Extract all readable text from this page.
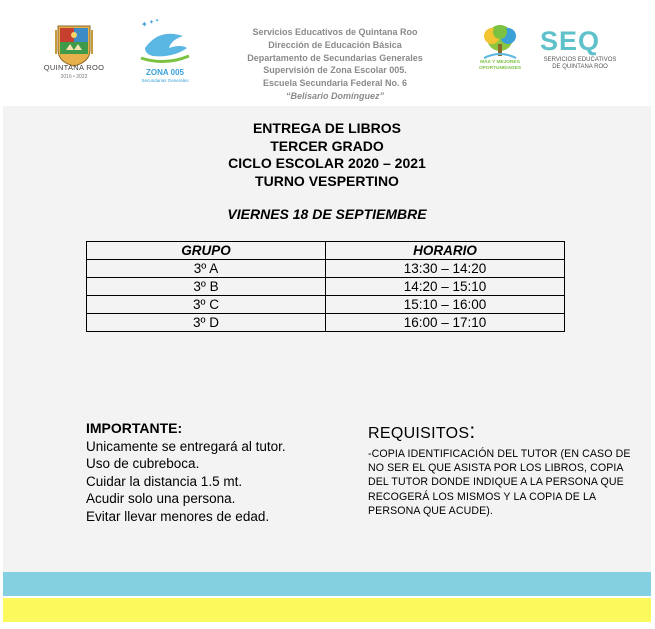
QUINTANA ROO
2016 • 2022
✦ ✦ ✦
ZONA 005
Secundarias Generales
Servicios Educativos de Quintana Roo
Dirección de Educación Básica
Departamento de Secundarias Generales
Supervisión de Zona Escolar 005.
Escuela Secundaria Federal No. 6
“Belisario Domínguez”
MÁS Y MEJORES OPORTUNIDADES
SEQ
SERVICIOS EDUCATIVOS
DE QUINTANA ROO
ENTREGA DE LIBROS
TERCER GRADO
CICLO ESCOLAR 2020 – 2021
TURNO VESPERTINO
VIERNES 18 DE SEPTIEMBRE
GRUPO	HORARIO
3º A	13:30 – 14:20
3º B	14:20 – 15:10
3º C	15:10 – 16:00
3º D	16:00 – 17:10
IMPORTANTE:
Unicamente se entregará al tutor.
Uso de cubreboca.
Cuidar la distancia 1.5 mt.
Acudir solo una persona.
Evitar llevar menores de edad.
REQUISITOS:
-COPIA IDENTIFICACIÓN DEL TUTOR (EN CASO DE NO SER EL QUE ASISTA POR LOS LIBROS, COPIA DEL TUTOR DONDE INDIQUE A LA PERSONA QUE RECOGERÁ LOS MISMOS Y LA COPIA DE LA PERSONA QUE ACUDE).
